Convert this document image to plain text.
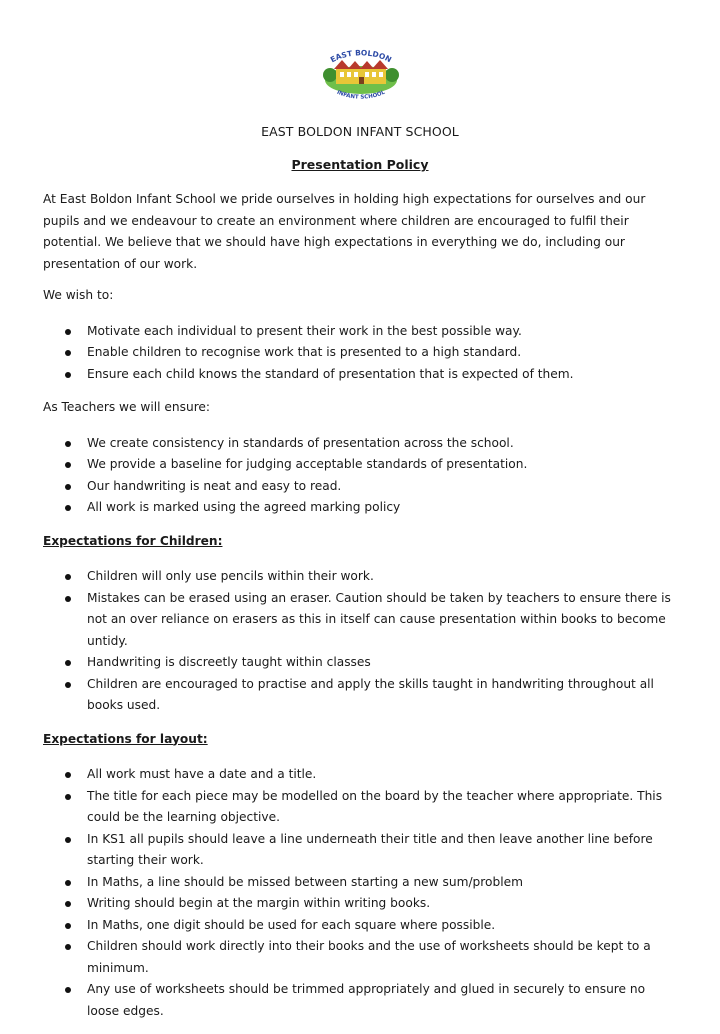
EAST BOLDON
INFANT SCHOOL
EAST BOLDON INFANT SCHOOL
Presentation Policy

At East Boldon Infant School we pride ourselves in holding high expectations for ourselves and our pupils and we endeavour to create an environment where children are encouraged to fulfil their potential. We believe that we should have high expectations in everything we do, including our presentation of our work.

We wish to:

Motivate each individual to present their work in the best possible way.
Enable children to recognise work that is presented to a high standard.
Ensure each child knows the standard of presentation that is expected of them.

As Teachers we will ensure:

We create consistency in standards of presentation across the school.
We provide a baseline for judging acceptable standards of presentation.
Our handwriting is neat and easy to read.
All work is marked using the agreed marking policy

Expectations for Children:

Children will only use pencils within their work.
Mistakes can be erased using an eraser. Caution should be taken by teachers to ensure there is not an over reliance on erasers as this in itself can cause presentation within books to become untidy.
Handwriting is discreetly taught within classes
Children are encouraged to practise and apply the skills taught in handwriting throughout all books used.

Expectations for layout:

All work must have a date and a title.
The title for each piece may be modelled on the board by the teacher where appropriate. This could be the learning objective.
In KS1 all pupils should leave a line underneath their title and then leave another line before starting their work.
In Maths, a line should be missed between starting a new sum/problem
Writing should begin at the margin within writing books.
In Maths, one digit should be used for each square where possible.
Children should work directly into their books and the use of worksheets should be kept to a minimum.
Any use of worksheets should be trimmed appropriately and glued in securely to ensure no loose edges.
